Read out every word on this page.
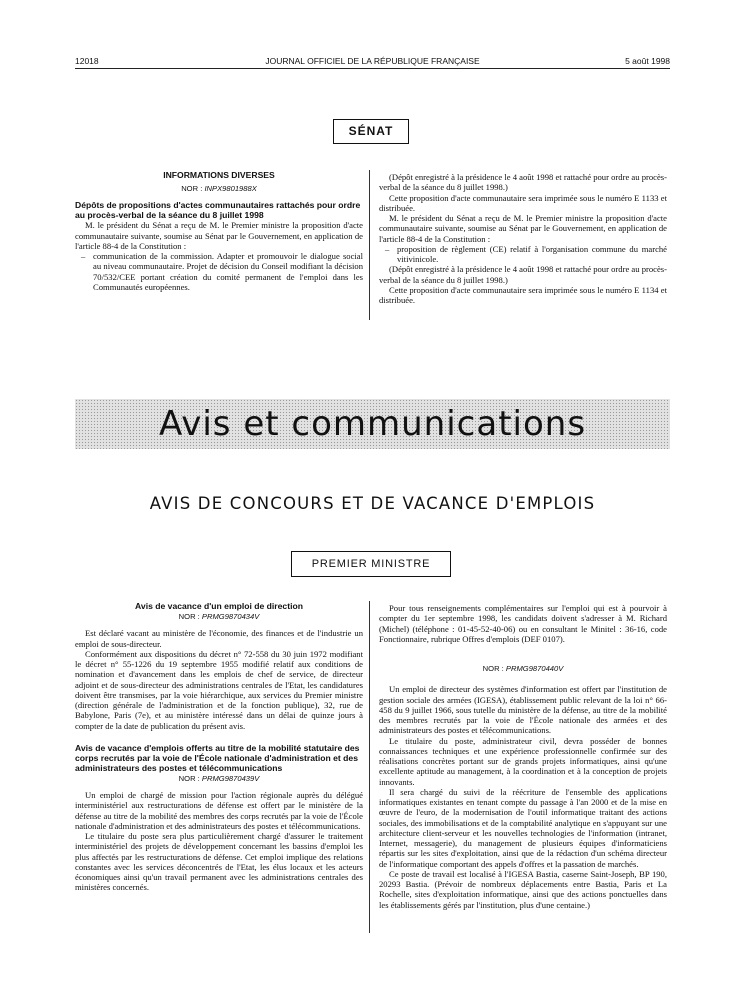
12018	JOURNAL OFFICIEL DE LA RÉPUBLIQUE FRANÇAISE	5 août 1998
SÉNAT

INFORMATIONS DIVERSES

NOR : INPX9801988X

Dépôts de propositions d'actes communautaires rattachés pour ordre au procès-verbal de la séance du 8 juillet 1998

M. le président du Sénat a reçu de M. le Premier ministre la proposition d'acte communautaire suivante, soumise au Sénat par le Gouvernement, en application de l'article 88-4 de la Constitution :

– communication de la commission. Adapter et promouvoir le dialogue social au niveau communautaire. Projet de décision du Conseil modifiant la décision 70/532/CEE portant création du comité permanent de l'emploi dans les Communautés européennes.

(Dépôt enregistré à la présidence le 4 août 1998 et rattaché pour ordre au procès-verbal de la séance du 8 juillet 1998.)

Cette proposition d'acte communautaire sera imprimée sous le numéro E 1133 et distribuée.

M. le président du Sénat a reçu de M. le Premier ministre la proposition d'acte communautaire suivante, soumise au Sénat par le Gouvernement, en application de l'article 88-4 de la Constitution :

– proposition de règlement (CE) relatif à l'organisation commune du marché vitivinicole.

(Dépôt enregistré à la présidence le 4 août 1998 et rattaché pour ordre au procès-verbal de la séance du 8 juillet 1998.)

Cette proposition d'acte communautaire sera imprimée sous le numéro E 1134 et distribuée.

Avis et communications
AVIS DE CONCOURS ET DE VACANCE D'EMPLOIS
PREMIER MINISTRE

Avis de vacance d'un emploi de direction

NOR : PRMG9870434V

Est déclaré vacant au ministère de l'économie, des finances et de l'industrie un emploi de sous-directeur.

Conformément aux dispositions du décret n° 72-558 du 30 juin 1972 modifiant le décret n° 55-1226 du 19 septembre 1955 modifié relatif aux conditions de nomination et d'avancement dans les emplois de chef de service, de directeur adjoint et de sous-directeur des administrations centrales de l'Etat, les candidatures doivent être transmises, par la voie hiérarchique, aux services du Premier ministre (direction générale de l'administration et de la fonction publique), 32, rue de Babylone, Paris (7e), et au ministère intéressé dans un délai de quinze jours à compter de la date de publication du présent avis.

Avis de vacance d'emplois offerts au titre de la mobilité statutaire des corps recrutés par la voie de l'École nationale d'administration et des administrateurs des postes et télécommunications

NOR : PRMG9870439V

Un emploi de chargé de mission pour l'action régionale auprès du délégué interministériel aux restructurations de défense est offert par le ministère de la défense au titre de la mobilité des membres des corps recrutés par la voie de l'École nationale d'administration et des administrateurs des postes et télécommunications.

Le titulaire du poste sera plus particulièrement chargé d'assurer le traitement interministériel des projets de développement concernant les bassins d'emploi les plus affectés par les restructurations de défense. Cet emploi implique des relations constantes avec les services déconcentrés de l'Etat, les élus locaux et les acteurs économiques ainsi qu'un travail permanent avec les administrations centrales des ministères concernés.

Pour tous renseignements complémentaires sur l'emploi qui est à pourvoir à compter du 1er septembre 1998, les candidats doivent s'adresser à M. Richard (Michel) (téléphone : 01-45-52-40-06) ou en consultant le Minitel : 36-16, code Fonctionnaire, rubrique Offres d'emplois (DEF 0107).

NOR : PRMG9870440V

Un emploi de directeur des systèmes d'information est offert par l'institution de gestion sociale des armées (IGESA), établissement public relevant de la loi n° 66-458 du 9 juillet 1966, sous tutelle du ministère de la défense, au titre de la mobilité des membres recrutés par la voie de l'École nationale des armées et des administrateurs des postes et télécommunications.

Le titulaire du poste, administrateur civil, devra posséder de bonnes connaissances techniques et une expérience professionnelle confirmée sur des réalisations concrètes portant sur de grands projets informatiques, ainsi qu'une excellente aptitude au management, à la coordination et à la conception de projets innovants.

Il sera chargé du suivi de la réécriture de l'ensemble des applications informatiques existantes en tenant compte du passage à l'an 2000 et de la mise en œuvre de l'euro, de la modernisation de l'outil informatique traitant des actions sociales, des immobilisations et de la comptabilité analytique en s'appuyant sur une architecture client-serveur et les nouvelles technologies de l'information (intranet, Internet, messagerie), du management de plusieurs équipes d'informaticiens répartis sur les sites d'exploitation, ainsi que de la rédaction d'un schéma directeur de l'informatique comportant des appels d'offres et la passation de marchés.

Ce poste de travail est localisé à l'IGESA Bastia, caserne Saint-Joseph, BP 190, 20293 Bastia. (Prévoir de nombreux déplacements entre Bastia, Paris et La Rochelle, sites d'exploitation informatique, ainsi que des actions ponctuelles dans les établissements gérés par l'institution, plus d'une centaine.)
